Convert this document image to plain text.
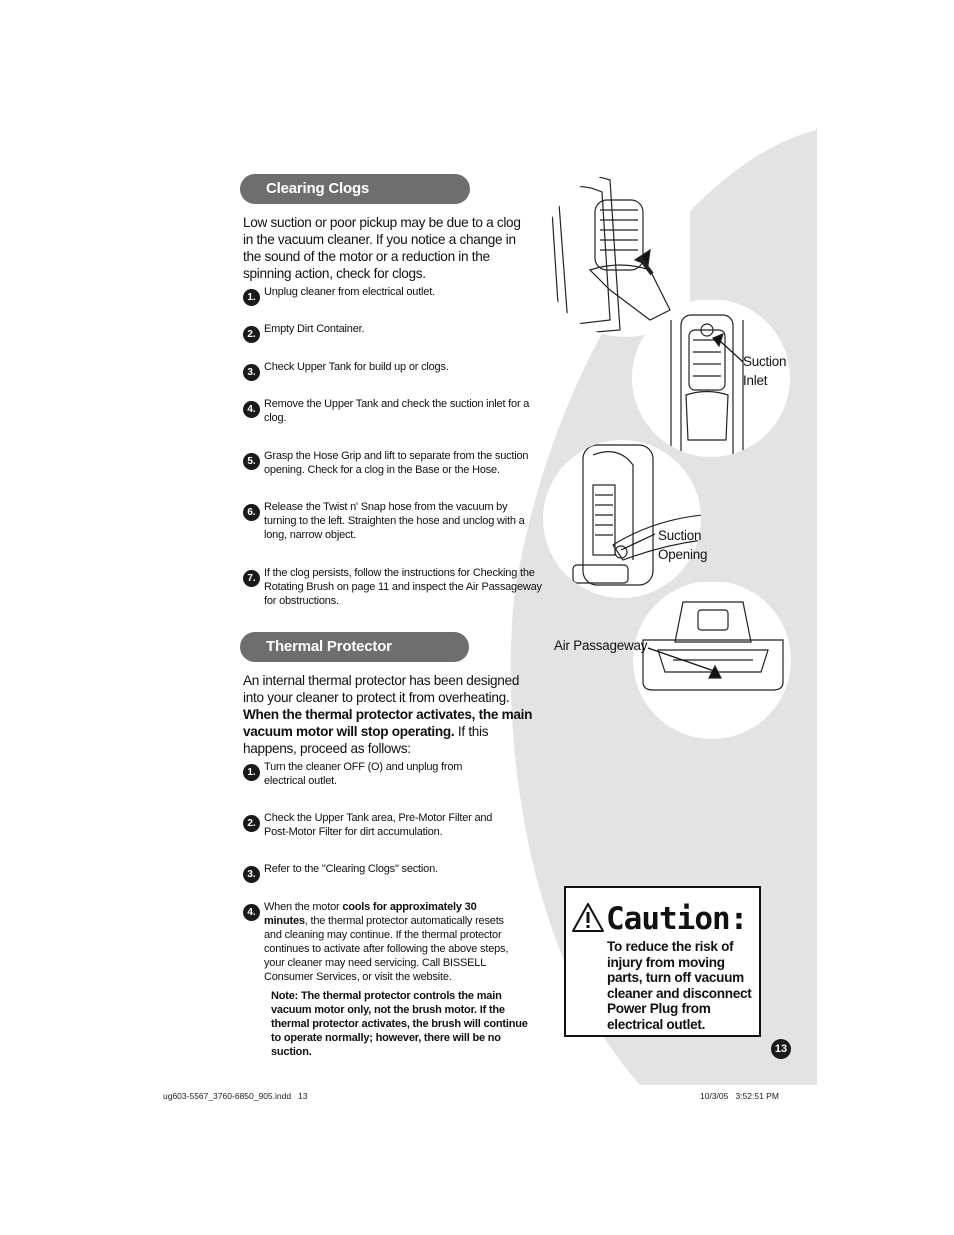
Clearing Clogs
Low suction or poor pickup may be due to a clog in the vacuum cleaner. If you notice a change in the sound of the motor or a reduction in the spinning action, check for clogs.
1. Unplug cleaner from electrical outlet.
2. Empty Dirt Container.
3. Check Upper Tank for build up or clogs.
4. Remove the Upper Tank and check the suction inlet for a clog.
5. Grasp the Hose Grip and lift to separate from the suction opening. Check for a clog in the Base or the Hose.
6. Release the Twist n' Snap hose from the vacuum by turning to the left. Straighten the hose and unclog with a long, narrow object.
7. If the clog persists, follow the instructions for Checking the Rotating Brush on page 11 and inspect the Air Passageway for obstructions.
Thermal Protector
An internal thermal protector has been designed into your cleaner to protect it from overheating. When the thermal protector activates, the main vacuum motor will stop operating. If this happens, proceed as follows:
1. Turn the cleaner OFF (O) and unplug from electrical outlet.
2. Check the Upper Tank area, Pre-Motor Filter and Post-Motor Filter for dirt accumulation.
3. Refer to the "Clearing Clogs" section.
4. When the motor cools for approximately 30 minutes, the thermal protector automatically resets and cleaning may continue. If the thermal protector continues to activate after following the above steps, your cleaner may need servicing. Call BISSELL Consumer Services, or visit the website.
Note: The thermal protector controls the main vacuum motor only, not the brush motor. If the thermal protector activates, the brush will continue to operate normally; however, there will be no suction.
Suction Inlet
Suction Opening
Air Passageway
Caution:
To reduce the risk of injury from moving parts, turn off vacuum cleaner and disconnect Power Plug from electrical outlet.
13
ug603-5567_3760-6850_905.indd   13	10/3/05   3:52:51 PM
